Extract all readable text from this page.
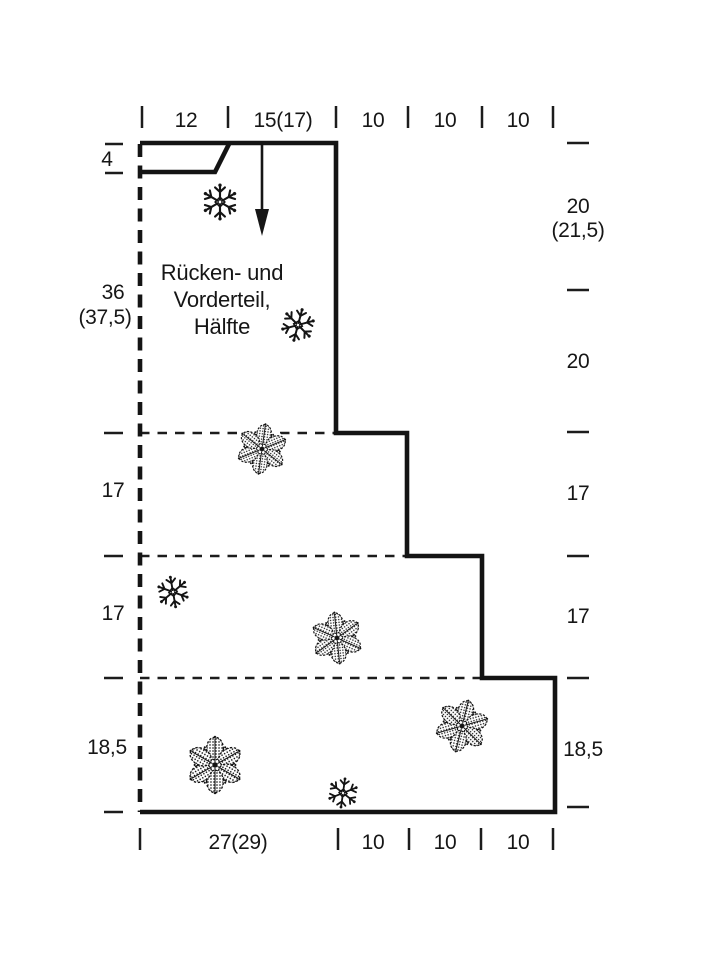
12	15(17) 10 10 10
27(29)	10 10 10
4
36
(37,5)
17
17
18,5
20
(21,5)
20
17
17
18,5
Rücken- und
Vorderteil,
Hälfte
